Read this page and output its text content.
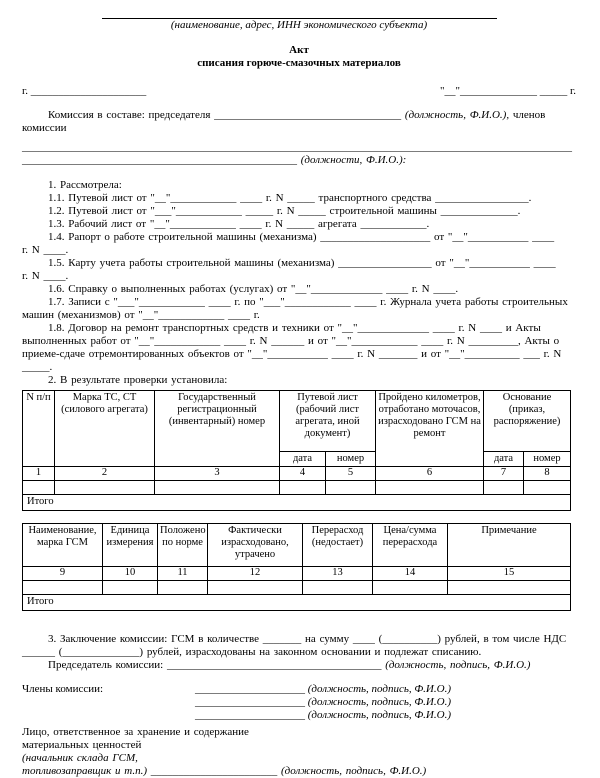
(наименование, адрес, ИНН экономического субъекта)
Акт
списания горюче-смазочных материалов
г. _____________________	"__"______________ _____ г.
Комиссия в составе: председателя __________________________________ (должность, Ф.И.О.), членов
комиссии
____________________________________________________________________________________________________
__________________________________________________ (должности, Ф.И.О.):
1. Рассмотрела:
1.1. Путевой лист от "__"____________ ____ г. N _____ транспортного средства _________________.
1.2. Путевой лист от "___"____________ _____ г. N _____ строительной машины ______________.
1.3. Рабочий лист от "__"____________ ____ г. N _____ агрегата ____________.
1.4. Рапорт о работе строительной машины (механизма) ____________________ от "__"___________ ____
г. N ____.
1.5. Карту учета работы строительной машины (механизма) _________________ от "__"___________ ____
г. N ____.
1.6. Справку о выполненных работах (услугах) от "__"_____________ ____ г. N ____.
1.7. Записи с "___"____________ ____ г. по "___"____________ ____ г. Журнала учета работы строительных
машин (механизмов) от "__"____________ ____ г.
1.8. Договор на ремонт транспортных средств и техники от "__"_____________ ____ г. N ____ и Акты
выполненных работ от "__"____________ ____ г. N ______ и от "__"____________ ____ г. N _________, Акты о
приеме-сдаче отремонтированных объектов от "__"___________ ____ г. N _______ и от "__"__________ ___ г. N
_____.
2. В результате проверки установила:
N п/п	Марка ТС, СТ (силового агрегата)	Государственный регистрационный (инвентарный) номер	Путевой лист (рабочий лист агрегата, иной документ)		Пройдено километров, отработано моточасов, израсходовано ГСМ на ремонт	Основание (приказ, распоряжение)	
			дата	номер		дата	номер
1	2	3	4	5	6	7	8

Итого							
Наименование, марка ГСМ	Единица измерения	Положено по норме	Фактически израсходовано, утрачено	Перерасход (недостает)	Цена/сумма перерасхода	Примечание
9	10	11	12	13	14	15

Итого						
3. Заключение комиссии: ГСМ в количестве _______ на сумму ____ (__________) рублей, в том числе НДС
______ (______________) рублей, израсходованы на законном основании и подлежат списанию.
Председатель комиссии: _______________________________________ (должность, подпись, Ф.И.О.)
Члены комиссии:	____________________ (должность, подпись, Ф.И.О.)
____________________ (должность, подпись, Ф.И.О.)
____________________ (должность, подпись, Ф.И.О.)
Лицо, ответственное за хранение и содержание
материальных ценностей
(начальник склада ГСМ,
топливозаправщик и т.п.) _______________________ (должность, подпись, Ф.И.О.)
